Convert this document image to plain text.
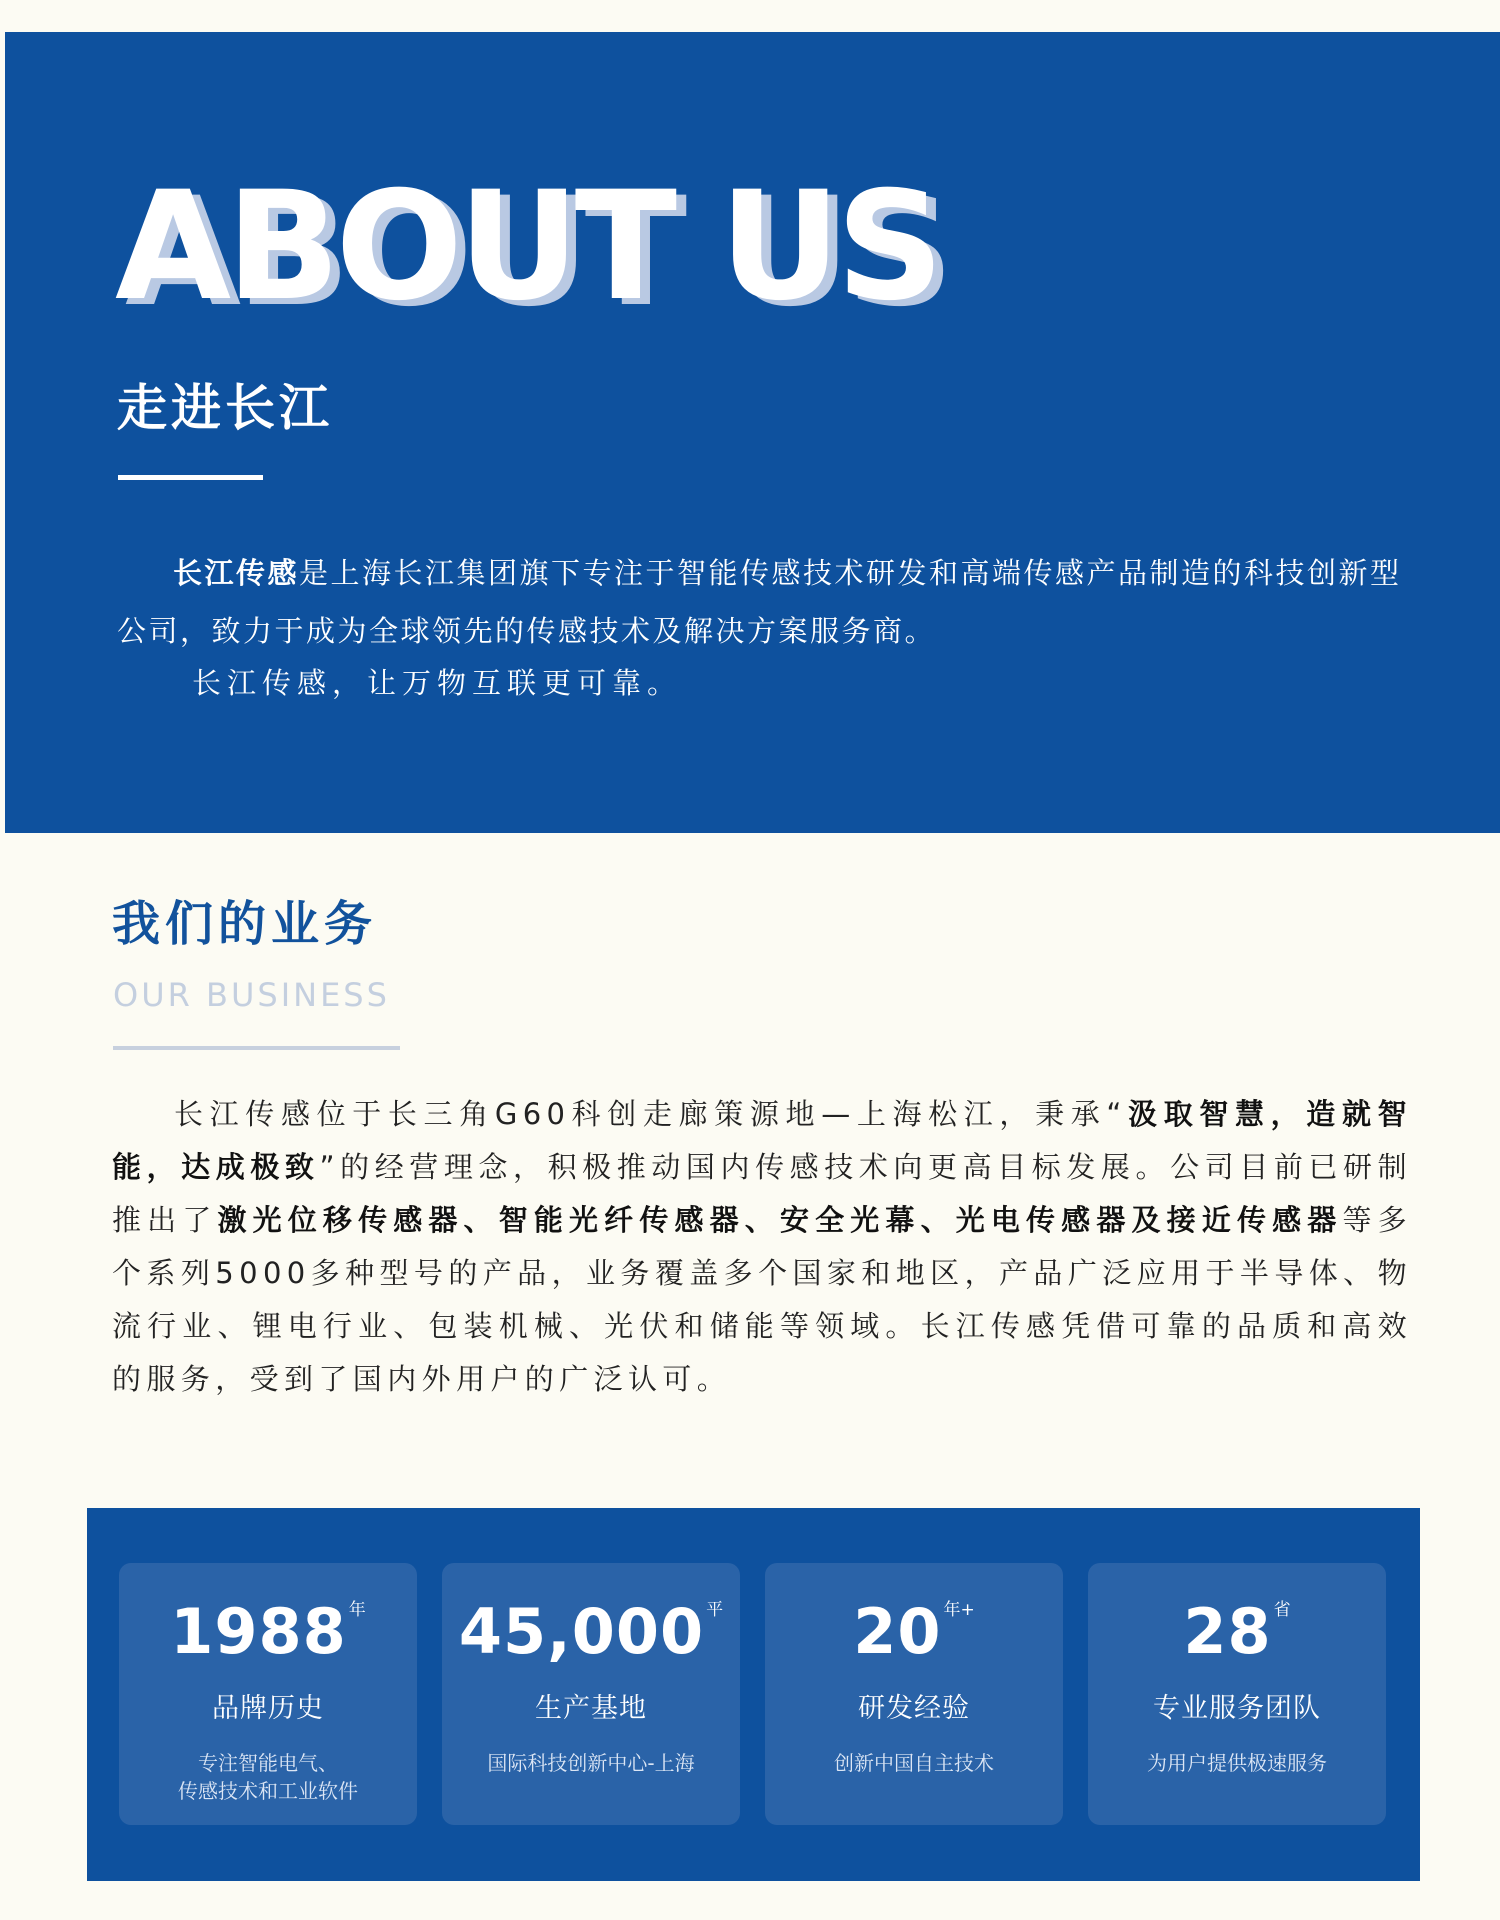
ABOUT US
走进长江

长江传感是上海长江集团旗下专注于智能传感技术研发和高端传感产品制造的科技创新型公司，致力于成为全球领先的传感技术及解决方案服务商。

长江传感，让万物互联更可靠。

我们的业务
OUR BUSINESS

长江传感位于长三角G60科创走廊策源地—上海松江，秉承“汲取智慧，造就智能，达成极致”的经营理念，积极推动国内传感技术向更高目标发展。公司目前已研制推出了激光位移传感器、智能光纤传感器、安全光幕、光电传感器及接近传感器等多个系列5000多种型号的产品，业务覆盖多个国家和地区，产品广泛应用于半导体、物流行业、锂电行业、包装机械、光伏和储能等领域。长江传感凭借可靠的品质和高效的服务，受到了国内外用户的广泛认可。

1988 年
品牌历史
专注智能电气、
传感技术和工业软件
45,000 平
生产基地
国际科技创新中心-上海
20 年+
研发经验
创新中国自主技术
28 省
专业服务团队
为用户提供极速服务
